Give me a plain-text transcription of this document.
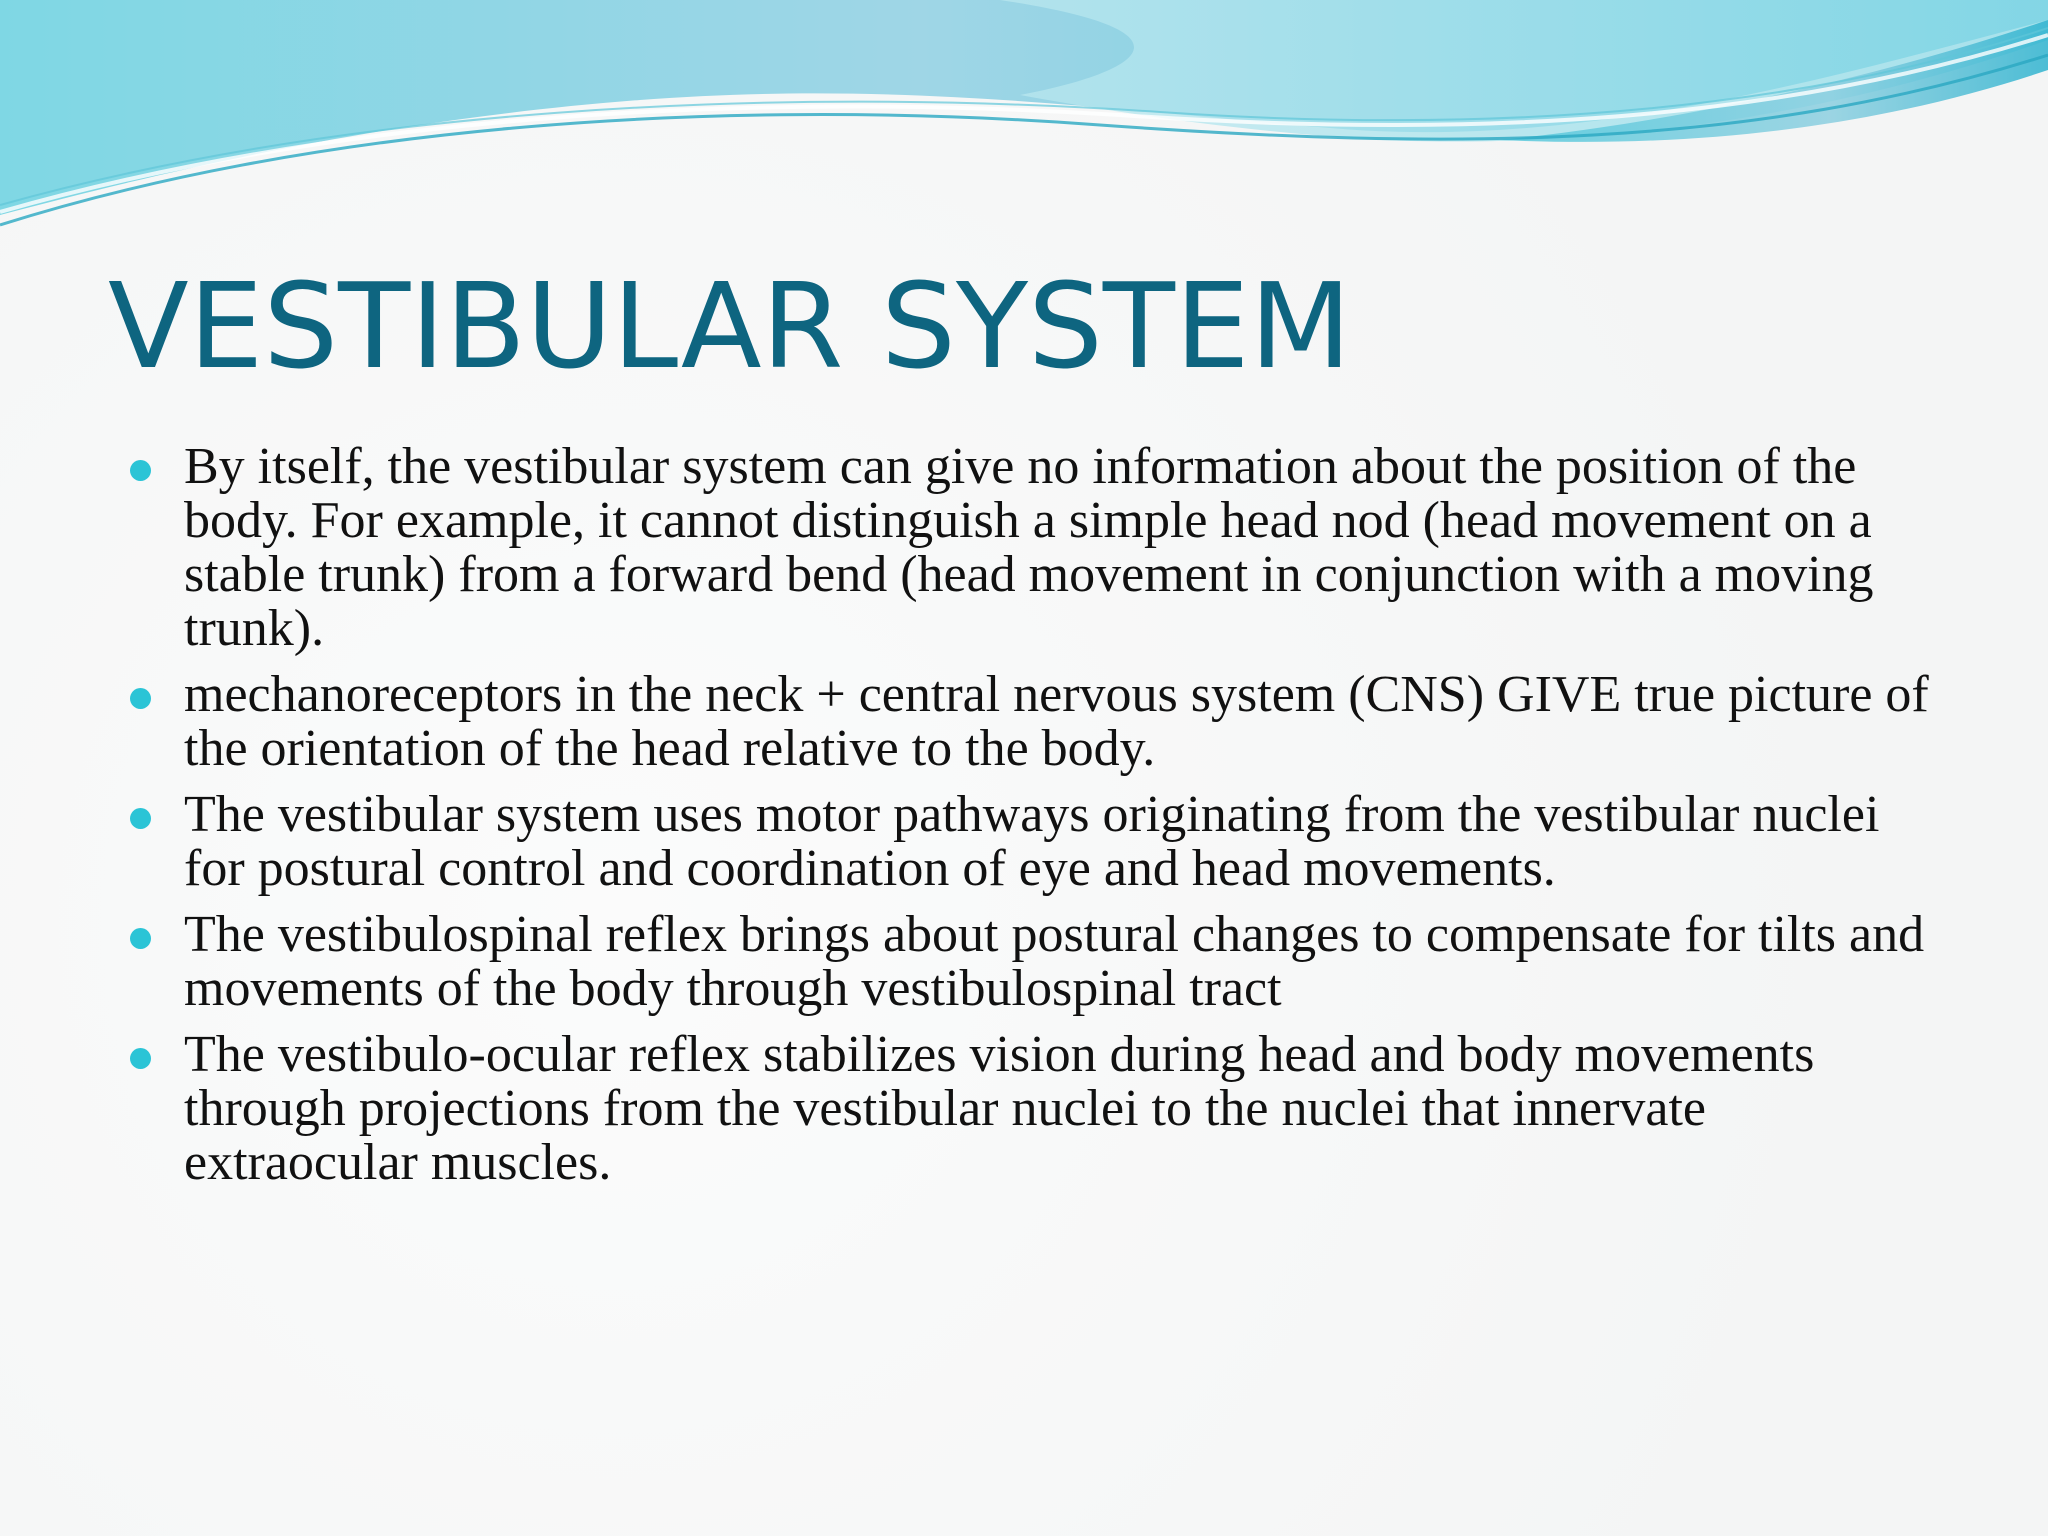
VESTIBULAR SYSTEM
By itself, the vestibular system can give no information about the position of the body. For example, it cannot distinguish a simple head nod (head movement on a stable trunk) from a forward bend (head movement in conjunction with a moving trunk).
mechanoreceptors in the neck + central nervous system (CNS) GIVE true picture of the orientation of the head relative to the body.
The vestibular system uses motor pathways originating from the vestibular nuclei for postural control and coordination of eye and head movements.
The vestibulospinal reflex brings about postural changes to compensate for tilts and movements of the body through vestibulospinal tract
The vestibulo-ocular reflex stabilizes vision during head and body movements through projections from the vestibular nuclei to the nuclei that innervate extraocular muscles.
